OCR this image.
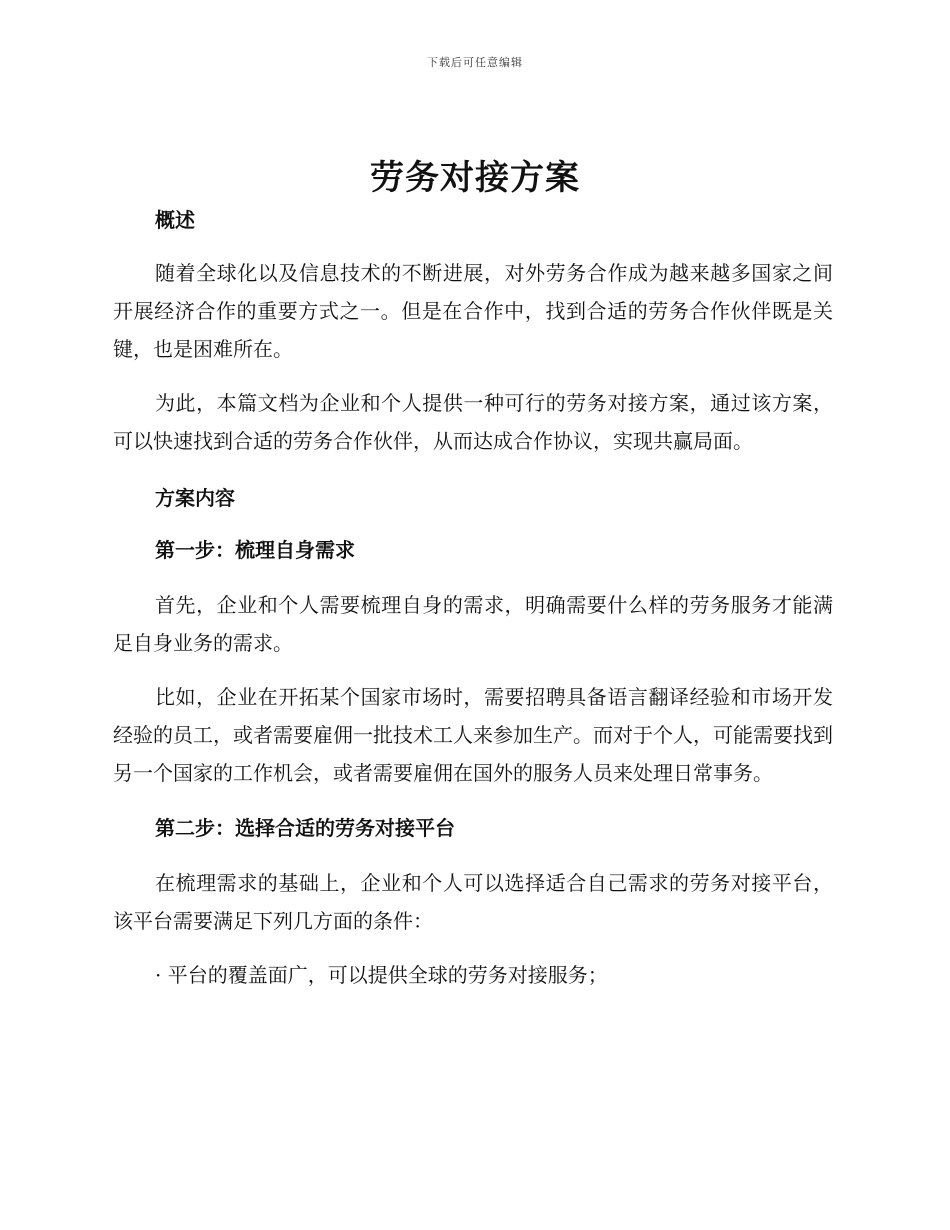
下载后可任意编辑
劳务对接方案

概述

随着全球化以及信息技术的不断进展，对外劳务合作成为越来越多国家之间开展经济合作的重要方式之一。但是在合作中，找到合适的劳务合作伙伴既是关键，也是困难所在。

为此，本篇文档为企业和个人提供一种可行的劳务对接方案，通过该方案，可以快速找到合适的劳务合作伙伴，从而达成合作协议，实现共赢局面。

方案内容

第一步：梳理自身需求

首先，企业和个人需要梳理自身的需求，明确需要什么样的劳务服务才能满足自身业务的需求。

比如，企业在开拓某个国家市场时，需要招聘具备语言翻译经验和市场开发经验的员工，或者需要雇佣一批技术工人来参加生产。而对于个人，可能需要找到另一个国家的工作机会，或者需要雇佣在国外的服务人员来处理日常事务。

第二步：选择合适的劳务对接平台

在梳理需求的基础上，企业和个人可以选择适合自己需求的劳务对接平台，该平台需要满足下列几方面的条件：

· 平台的覆盖面广，可以提供全球的劳务对接服务；
